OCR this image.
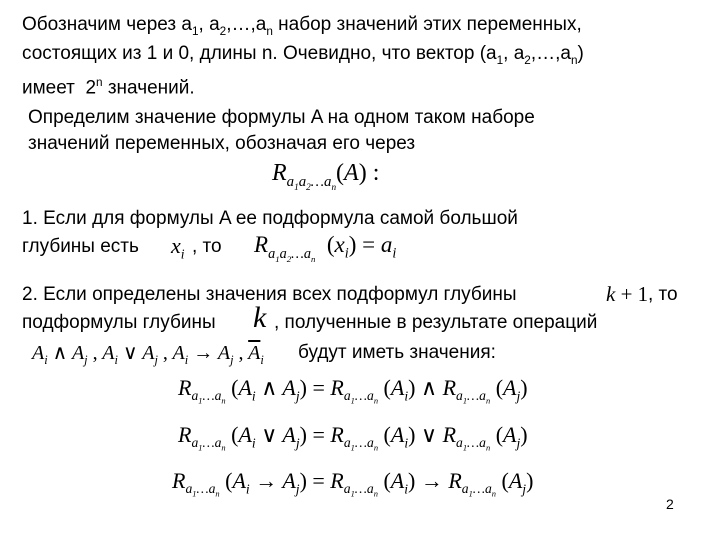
Обозначим через $a_1$, $a_2,\dots,a_n$ набор значений этих переменных,
состоящих из 1 и 0, длины n. Очевидно, что вектор ($a_1$, $a_2,\dots,a_n$)
имеет  2$^n$ значений.
Определим значение формулы A на одном таком наборе
значений переменных, обозначая его через
$R_{a_1a_2\dots a_n}(A)$ :
1. Если для формулы A ее подформула самой большой
глубины есть $x_i$ , то $R_{a_1a_2\dots a_n}$  $(x_i) = a_i$
2. Если определены значения всех подформул глубины	k + 1 , то
подформулы глубины k , полученные в результате операций
$A_i$ ∧ $A_j$ , $A_i$ ∨ $A_j$ , $A_i \to A_j$ , $\overline{A}_i$ будут иметь значения:
$R_{a_1\dots a_n}$ ($A_i$ ∧ $A_j) = R_{a_1\dots a_n}$ $(A_i)$ ∧ $R_{a_1\dots a_n}$ $(A_j)$
$R_{a_1\dots a_n}$ ($A_i$ ∨ $A_j) = R_{a_1\dots a_n}$ $(A_i)$ ∨ $R_{a_1\dots a_n}$ $(A_j)$
$R_{a_1\dots a_n}$ $(A_i \to A_j) = R_{a_1\dots a_n}$ $(A_i) \to R_{a_1\dots a_n}$ $(A_j)$
2
